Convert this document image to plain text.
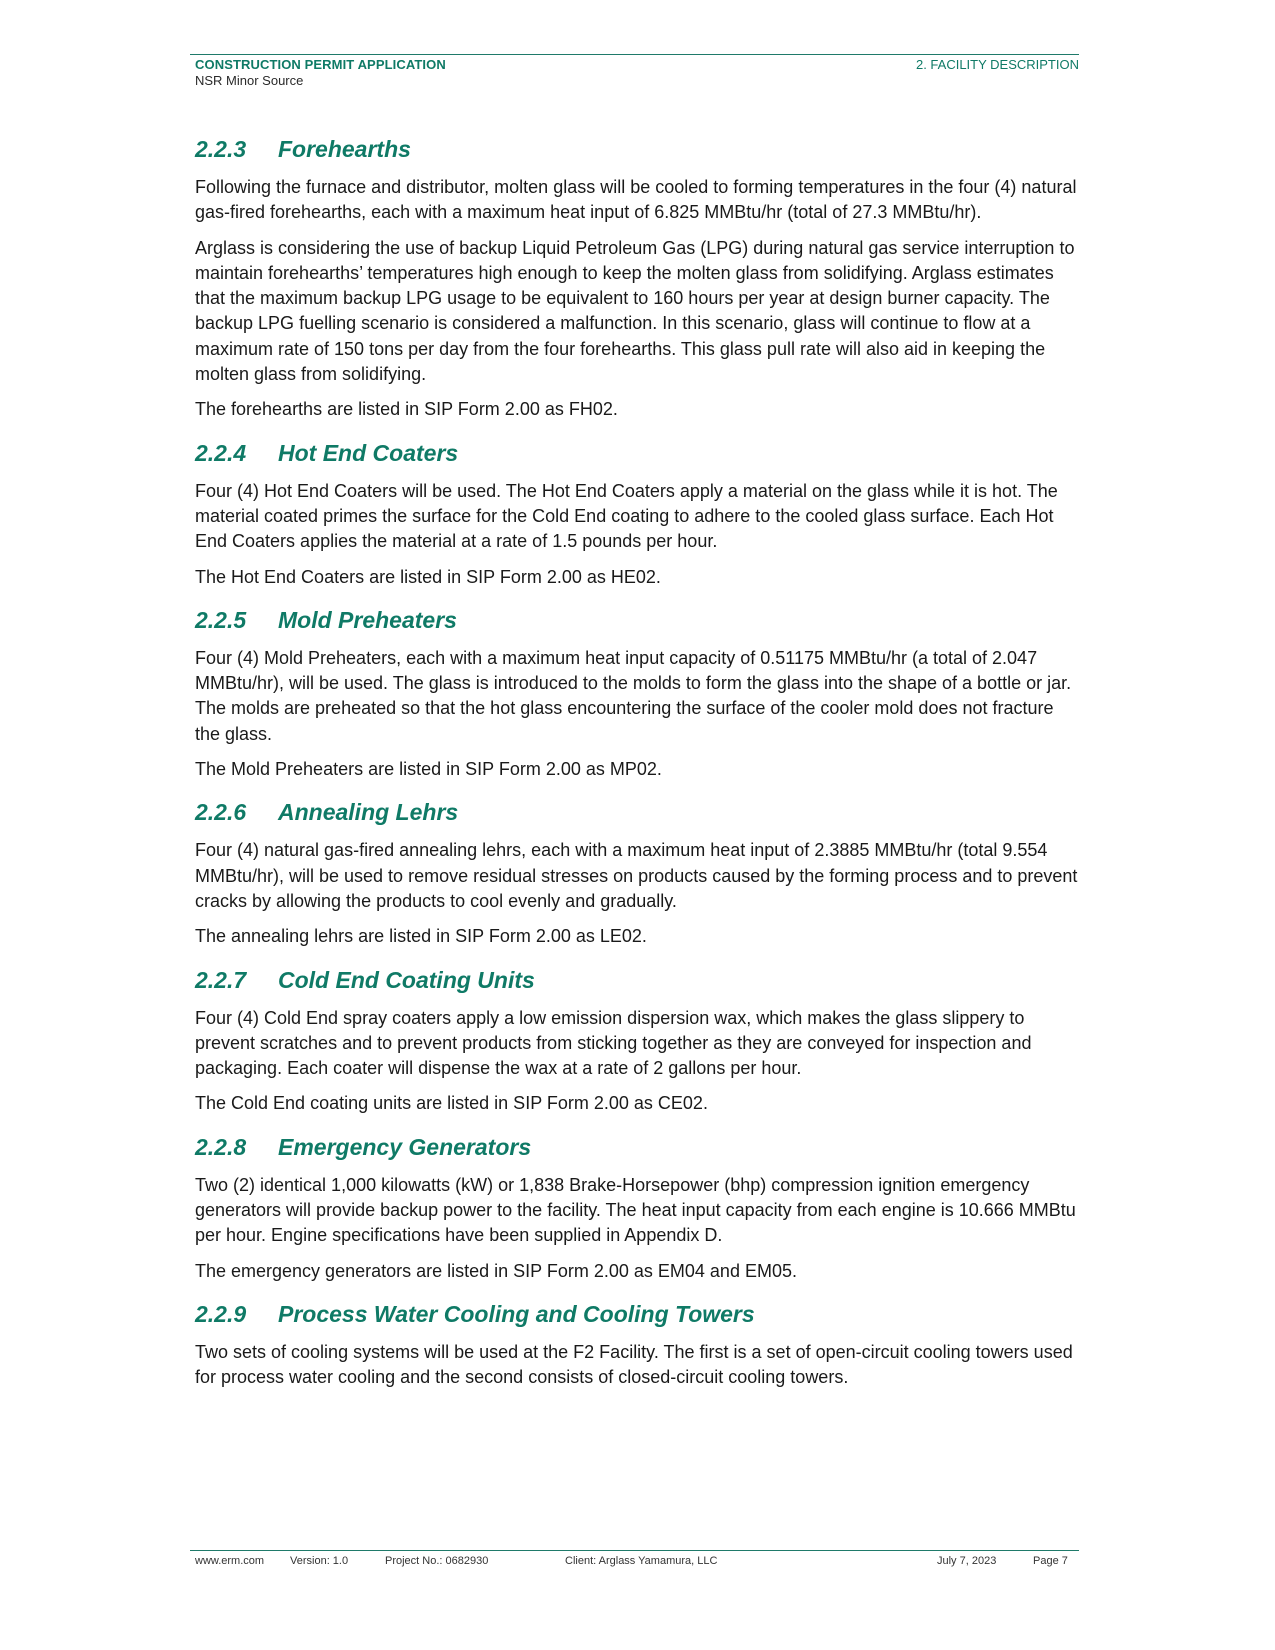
CONSTRUCTION PERMIT APPLICATION
NSR Minor Source
2. FACILITY DESCRIPTION
2.2.3 Forehearths

Following the furnace and distributor, molten glass will be cooled to forming temperatures in the four (4) natural gas-fired forehearths, each with a maximum heat input of 6.825 MMBtu/hr (total of 27.3 MMBtu/hr).

Arglass is considering the use of backup Liquid Petroleum Gas (LPG) during natural gas service interruption to maintain forehearths’ temperatures high enough to keep the molten glass from solidifying. Arglass estimates that the maximum backup LPG usage to be equivalent to 160 hours per year at design burner capacity. The backup LPG fuelling scenario is considered a malfunction. In this scenario, glass will continue to flow at a maximum rate of 150 tons per day from the four forehearths. This glass pull rate will also aid in keeping the molten glass from solidifying.

The forehearths are listed in SIP Form 2.00 as FH02.

2.2.4 Hot End Coaters

Four (4) Hot End Coaters will be used. The Hot End Coaters apply a material on the glass while it is hot. The material coated primes the surface for the Cold End coating to adhere to the cooled glass surface. Each Hot End Coaters applies the material at a rate of 1.5 pounds per hour.

The Hot End Coaters are listed in SIP Form 2.00 as HE02.

2.2.5 Mold Preheaters

Four (4) Mold Preheaters, each with a maximum heat input capacity of 0.51175 MMBtu/hr (a total of 2.047 MMBtu/hr), will be used. The glass is introduced to the molds to form the glass into the shape of a bottle or jar. The molds are preheated so that the hot glass encountering the surface of the cooler mold does not fracture the glass.

The Mold Preheaters are listed in SIP Form 2.00 as MP02.

2.2.6 Annealing Lehrs

Four (4) natural gas-fired annealing lehrs, each with a maximum heat input of 2.3885 MMBtu/hr (total 9.554 MMBtu/hr), will be used to remove residual stresses on products caused by the forming process and to prevent cracks by allowing the products to cool evenly and gradually.

The annealing lehrs are listed in SIP Form 2.00 as LE02.

2.2.7 Cold End Coating Units

Four (4) Cold End spray coaters apply a low emission dispersion wax, which makes the glass slippery to prevent scratches and to prevent products from sticking together as they are conveyed for inspection and packaging. Each coater will dispense the wax at a rate of 2 gallons per hour.

The Cold End coating units are listed in SIP Form 2.00 as CE02.

2.2.8 Emergency Generators

Two (2) identical 1,000 kilowatts (kW) or 1,838 Brake-Horsepower (bhp) compression ignition emergency generators will provide backup power to the facility. The heat input capacity from each engine is 10.666 MMBtu per hour. Engine specifications have been supplied in Appendix D.

The emergency generators are listed in SIP Form 2.00 as EM04 and EM05.

2.2.9 Process Water Cooling and Cooling Towers

Two sets of cooling systems will be used at the F2 Facility. The first is a set of open-circuit cooling towers used for process water cooling and the second consists of closed-circuit cooling towers.

www.erm.com Version: 1.0	Project No.: 0682930	Client: Arglass Yamamura, LLC	July 7, 2023	Page 7
